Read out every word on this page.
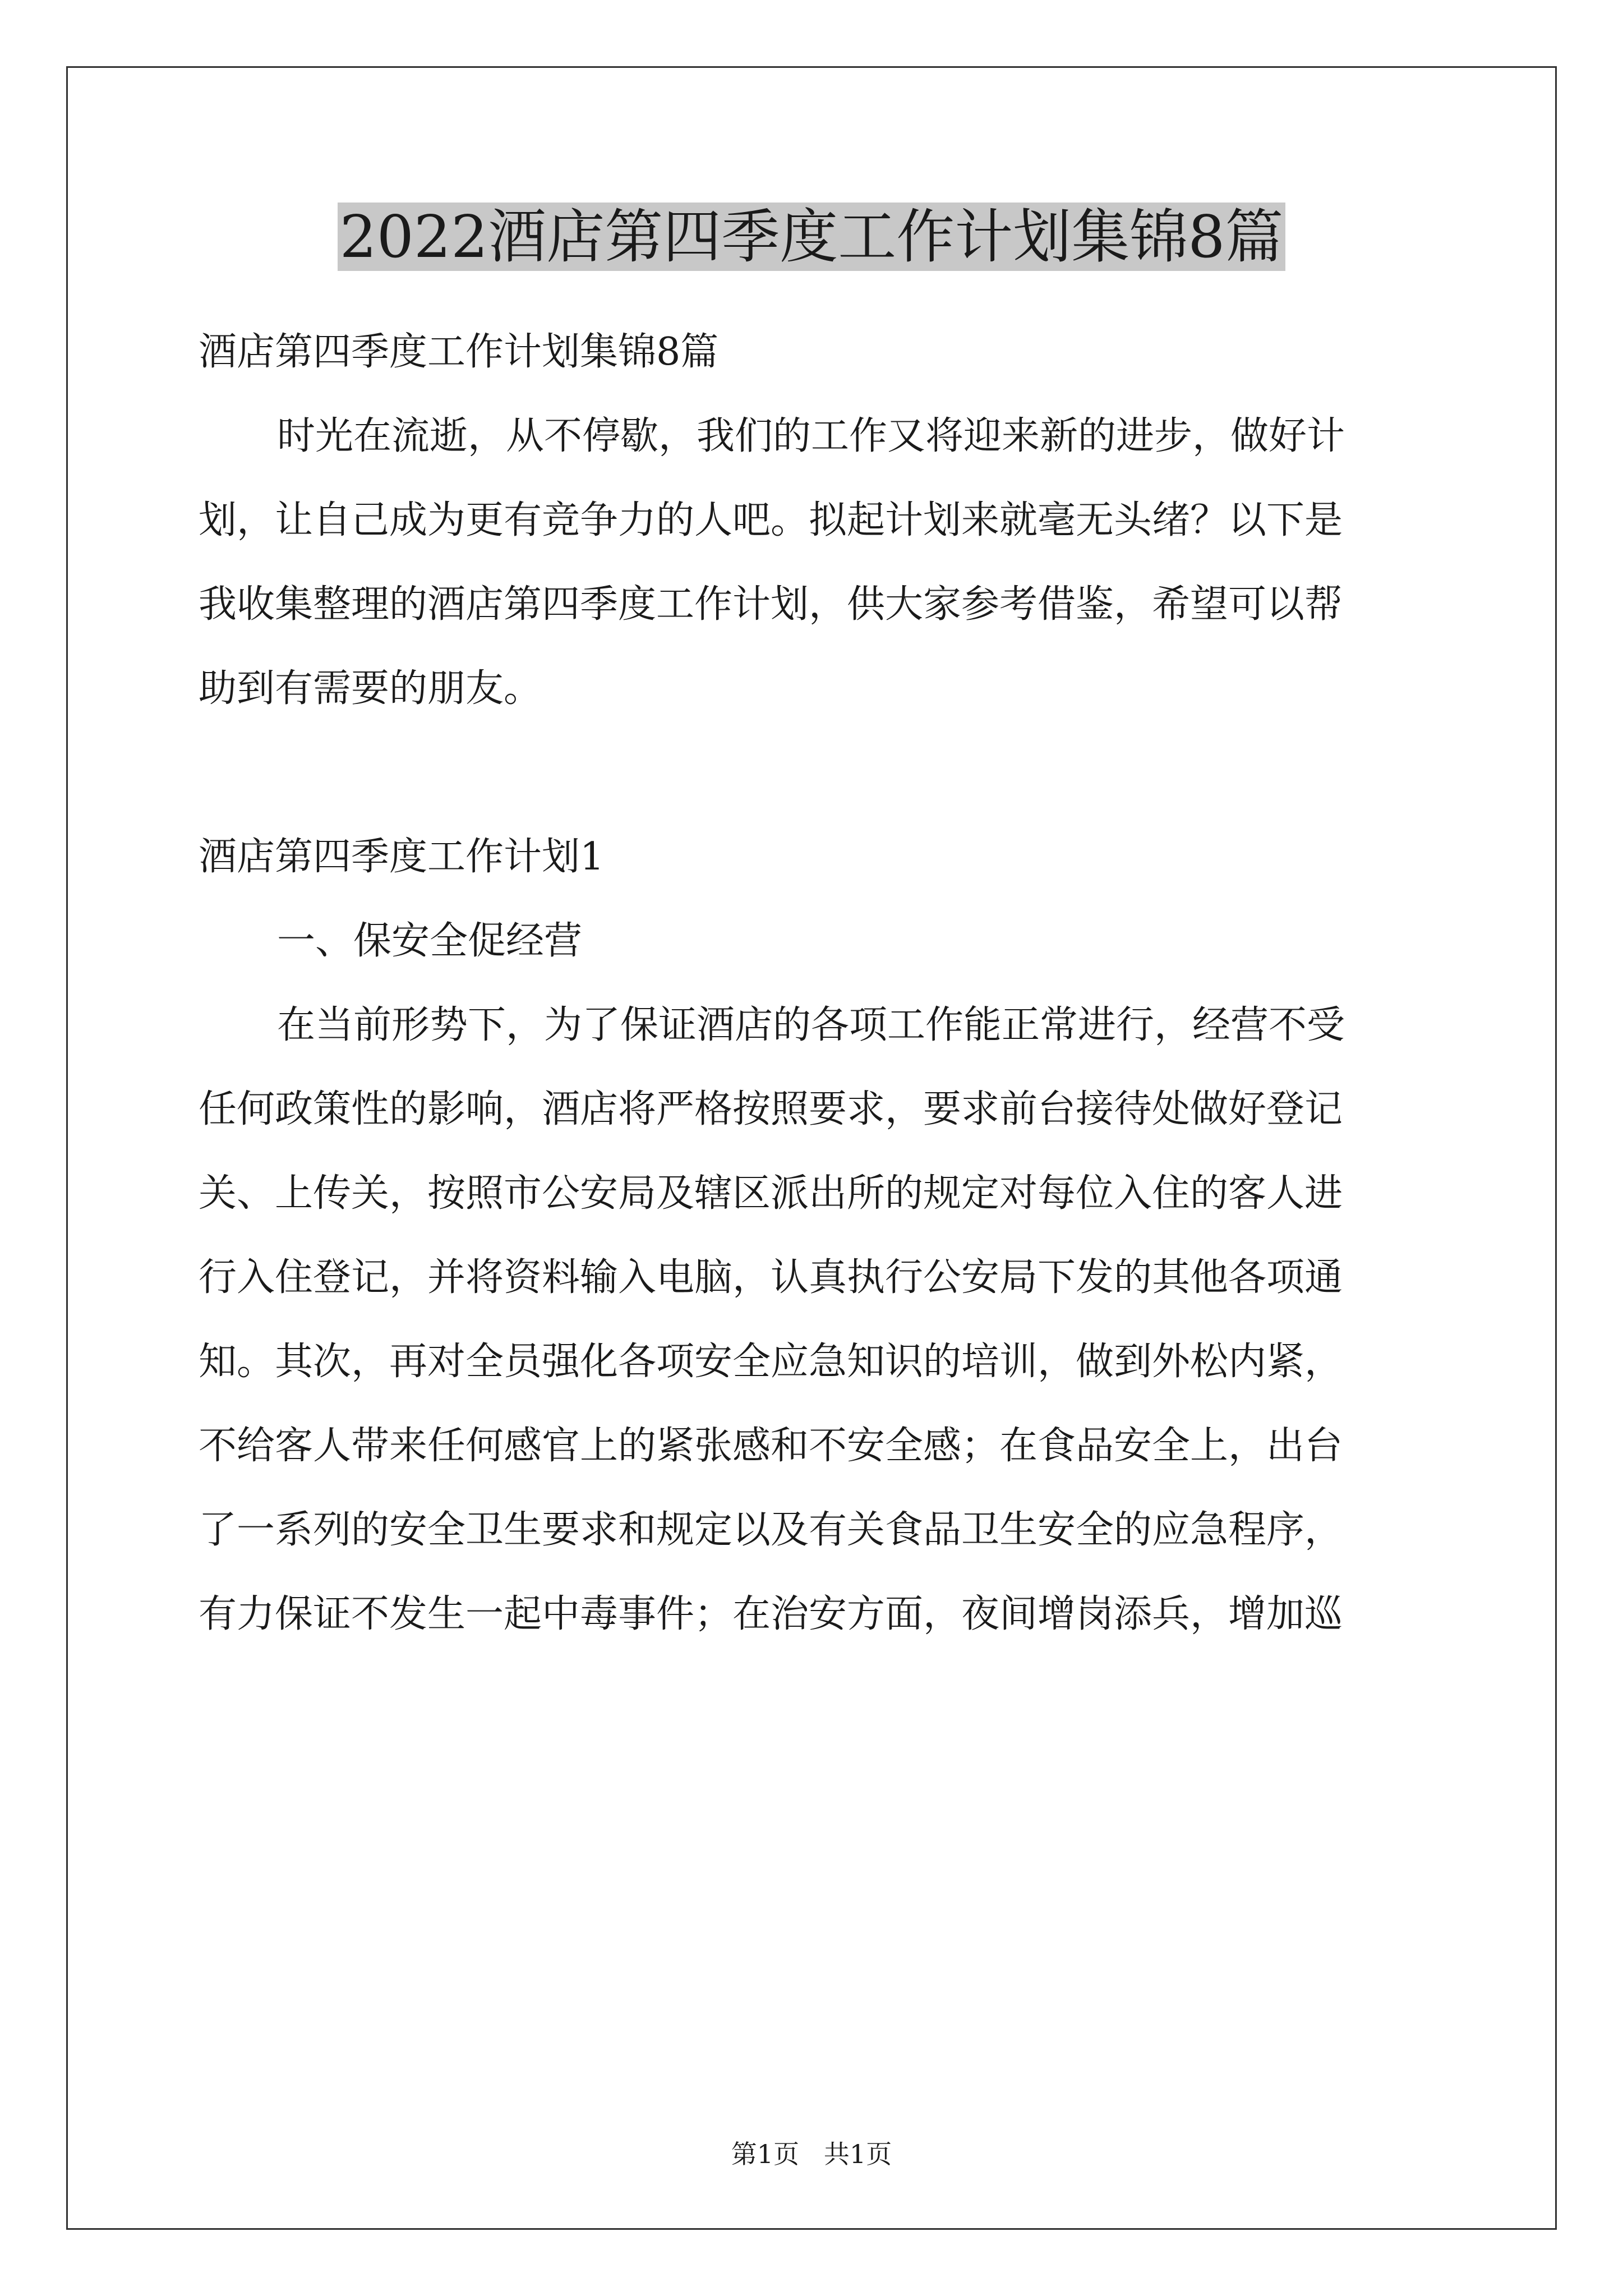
2022酒店第四季度工作计划集锦8篇
酒店第四季度工作计划集锦8篇
时光在流逝，从不停歇，我们的工作又将迎来新的进步，做好计
划，让自己成为更有竞争力的人吧。拟起计划来就毫无头绪？以下是
我收集整理的酒店第四季度工作计划，供大家参考借鉴，希望可以帮
助到有需要的朋友。
酒店第四季度工作计划1
一、保安全促经营
在当前形势下，为了保证酒店的各项工作能正常进行，经营不受
任何政策性的影响，酒店将严格按照要求，要求前台接待处做好登记
关、上传关，按照市公安局及辖区派出所的规定对每位入住的客人进
行入住登记，并将资料输入电脑，认真执行公安局下发的其他各项通
知。其次，再对全员强化各项安全应急知识的培训，做到外松内紧，
不给客人带来任何感官上的紧张感和不安全感；在食品安全上，出台
了一系列的安全卫生要求和规定以及有关食品卫生安全的应急程序，
有力保证不发生一起中毒事件；在治安方面，夜间增岗添兵，增加巡
第1页   共1页
